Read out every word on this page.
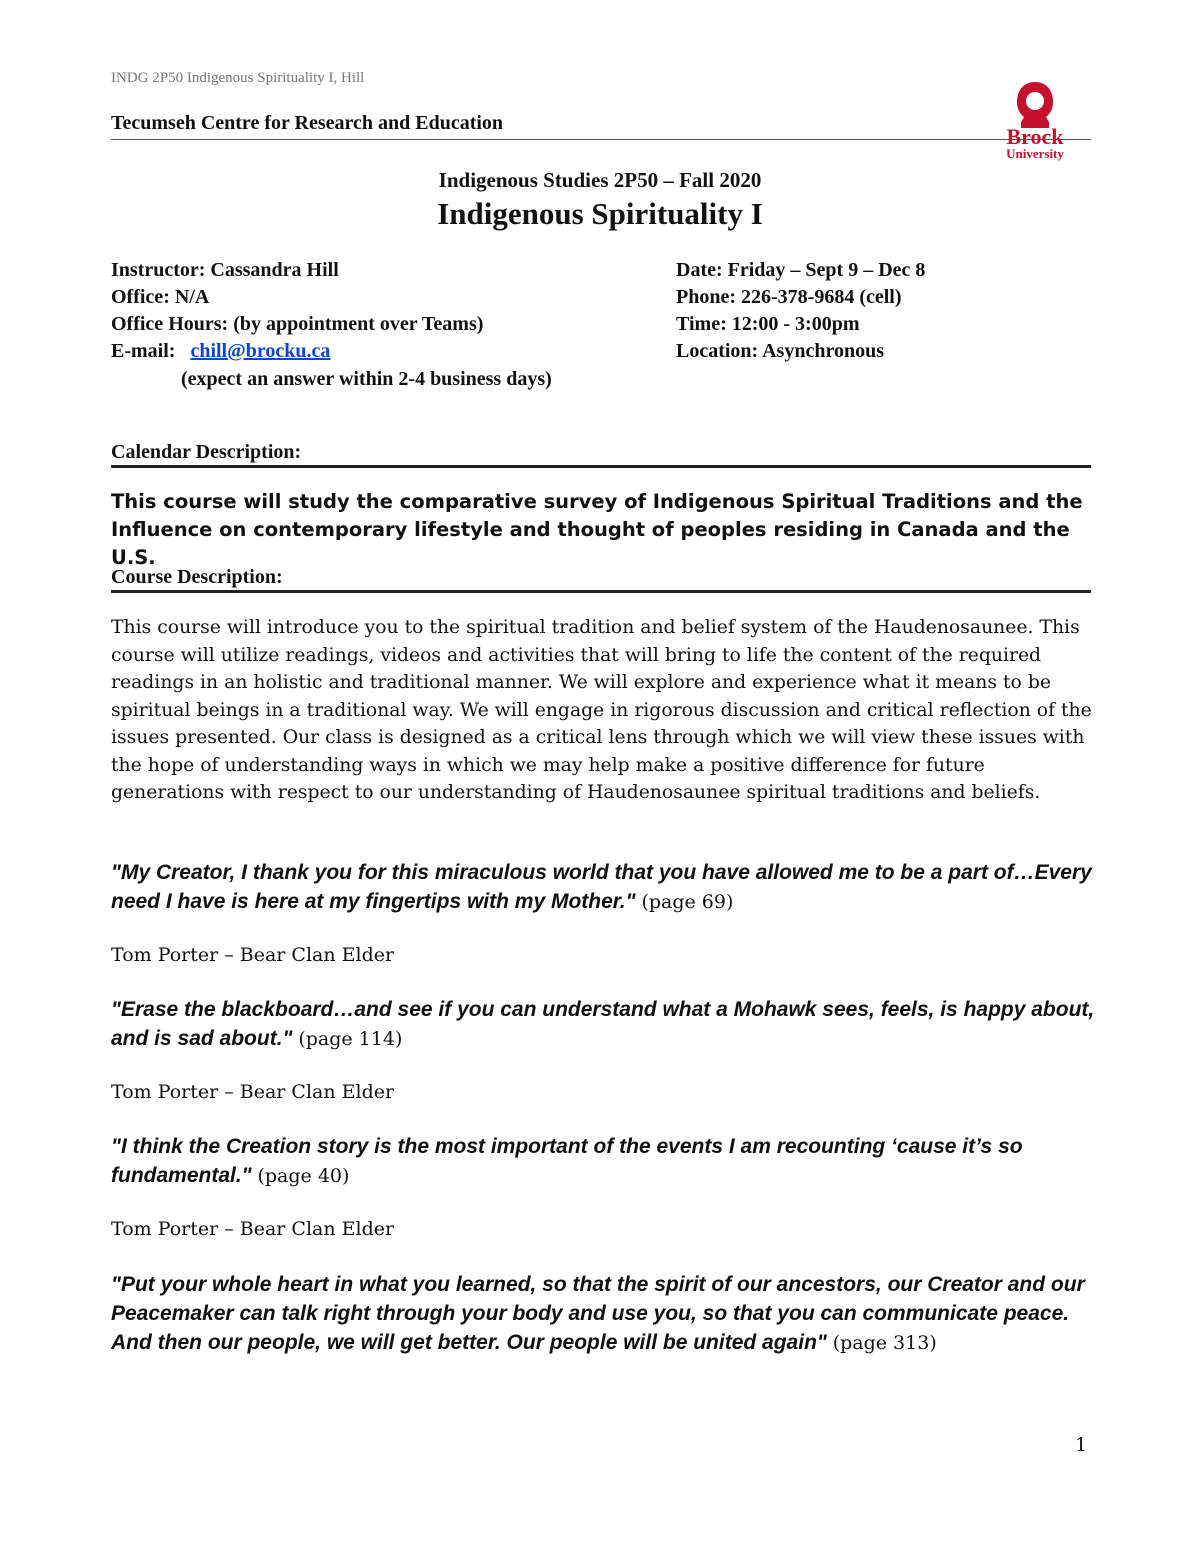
INDG 2P50 Indigenous Spirituality I, Hill
Tecumseh Centre for Research and Education
Brock
University
Indigenous Studies 2P50 – Fall 2020
Indigenous Spirituality I
Instructor: Cassandra Hill
Office: N/A
Office Hours: (by appointment over Teams)
E-mail: chill@brocku.ca
(expect an answer within 2-4 business days)
Date: Friday – Sept 9 – Dec 8
Phone: 226-378-9684 (cell)
Time: 12:00 - 3:00pm
Location: Asynchronous
Calendar Description:
This course will study the comparative survey of Indigenous Spiritual Traditions and the Influence on contemporary lifestyle and thought of peoples residing in Canada and the U.S.
Course Description:
This course will introduce you to the spiritual tradition and belief system of the Haudenosaunee. This course will utilize readings, videos and activities that will bring to life the content of the required readings in an holistic and traditional manner. We will explore and experience what it means to be spiritual beings in a traditional way. We will engage in rigorous discussion and critical reflection of the issues presented. Our class is designed as a critical lens through which we will view these issues with the hope of understanding ways in which we may help make a positive difference for future generations with respect to our understanding of Haudenosaunee spiritual traditions and beliefs.
"My Creator, I thank you for this miraculous world that you have allowed me to be a part of…Every need I have is here at my fingertips with my Mother." (page 69)
Tom Porter – Bear Clan Elder
"Erase the blackboard…and see if you can understand what a Mohawk sees, feels, is happy about, and is sad about." (page 114)
Tom Porter – Bear Clan Elder
"I think the Creation story is the most important of the events I am recounting ‘cause it’s so fundamental." (page 40)
Tom Porter – Bear Clan Elder
"Put your whole heart in what you learned, so that the spirit of our ancestors, our Creator and our Peacemaker can talk right through your body and use you, so that you can communicate peace. And then our people, we will get better. Our people will be united again" (page 313)
1
